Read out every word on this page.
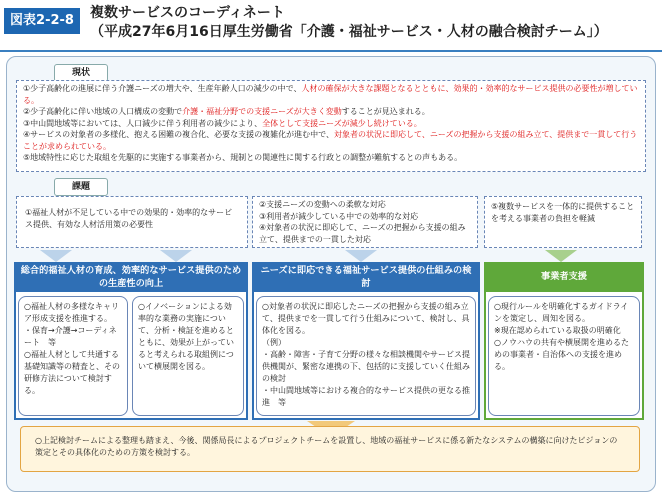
図表2-2-8	複数サービスのコーディネート
（平成27年6月16日厚生労働省「介護・福祉サービス・人材の融合検討チーム」）
現状

①少子高齢化の進展に伴う介護ニーズの増大や、生産年齢人口の減少の中で、人材の確保が大きな課題となるとともに、効果的・効率的なサービス提供の必要性が増している。

②少子高齢化に伴い地域の人口構成の変動で介護・福祉分野での支援ニーズが大きく変動することが見込まれる。

③中山間地域等においては、人口減少に伴う利用者の減少により、全体として支援ニーズが減少し続けている。

④サービスの対象者の多様化、抱える困難の複合化、必要な支援の複雑化が進む中で、対象者の状況に即応して、ニーズの把握から支援の組み立て、提供まで一貫して行うことが求められている。

⑤地域特性に応じた取組を先駆的に実施する事業者から、規制との関連性に関する行政との調整が難航するとの声もある。

課題
①福祉人材が不足している中での効果的・効率的なサービス提供、有効な人材活用策の必要性
②支援ニーズの変動への柔軟な対応
③利用者が減少している中での効率的な対応
④対象者の状況に即応して、ニーズの把握から支援の組み立て、提供までの一貫した対応
⑤複数サービスを一体的に提供することを考える事業者の負担を軽減
総合的福祉人材の育成、効率的なサービス提供のための生産性の向上
○福祉人材の多様なキャリア形成支援を推進する。
・保育→介護→コーディネート　等
○福祉人材として共通する基礎知識等の精査と、その研修方法について検討する。
○イノベーションによる効率的な業務の実施について、分析・検証を進めるとともに、効果が上がっていると考えられる取組例について横展開を図る。
ニーズに即応できる福祉サービス提供の仕組みの検討
○対象者の状況に即応したニーズの把握から支援の組み立て、提供までを一貫して行う仕組みについて、検討し、具体化を図る。
（例）
・高齢・障害・子育て分野の様々な相談機関やサービス提供機関が、緊密な連携の下、包括的に支援していく仕組みの検討
・中山間地域等における複合的なサービス提供の更なる推進　等
事業者支援
○現行ルールを明確化するガイドラインを策定し、周知を図る。
※現在認められている取扱の明確化
○ノウハウの共有や横展開を進めるための事業者・自治体への支援を進める。
○上記検討チームによる整理も踏まえ、今後、関係局長によるプロジェクトチームを設置し、地域の福祉サービスに係る新たなシステムの構築に向けたビジョンの策定とその具体化のための方策を検討する。
